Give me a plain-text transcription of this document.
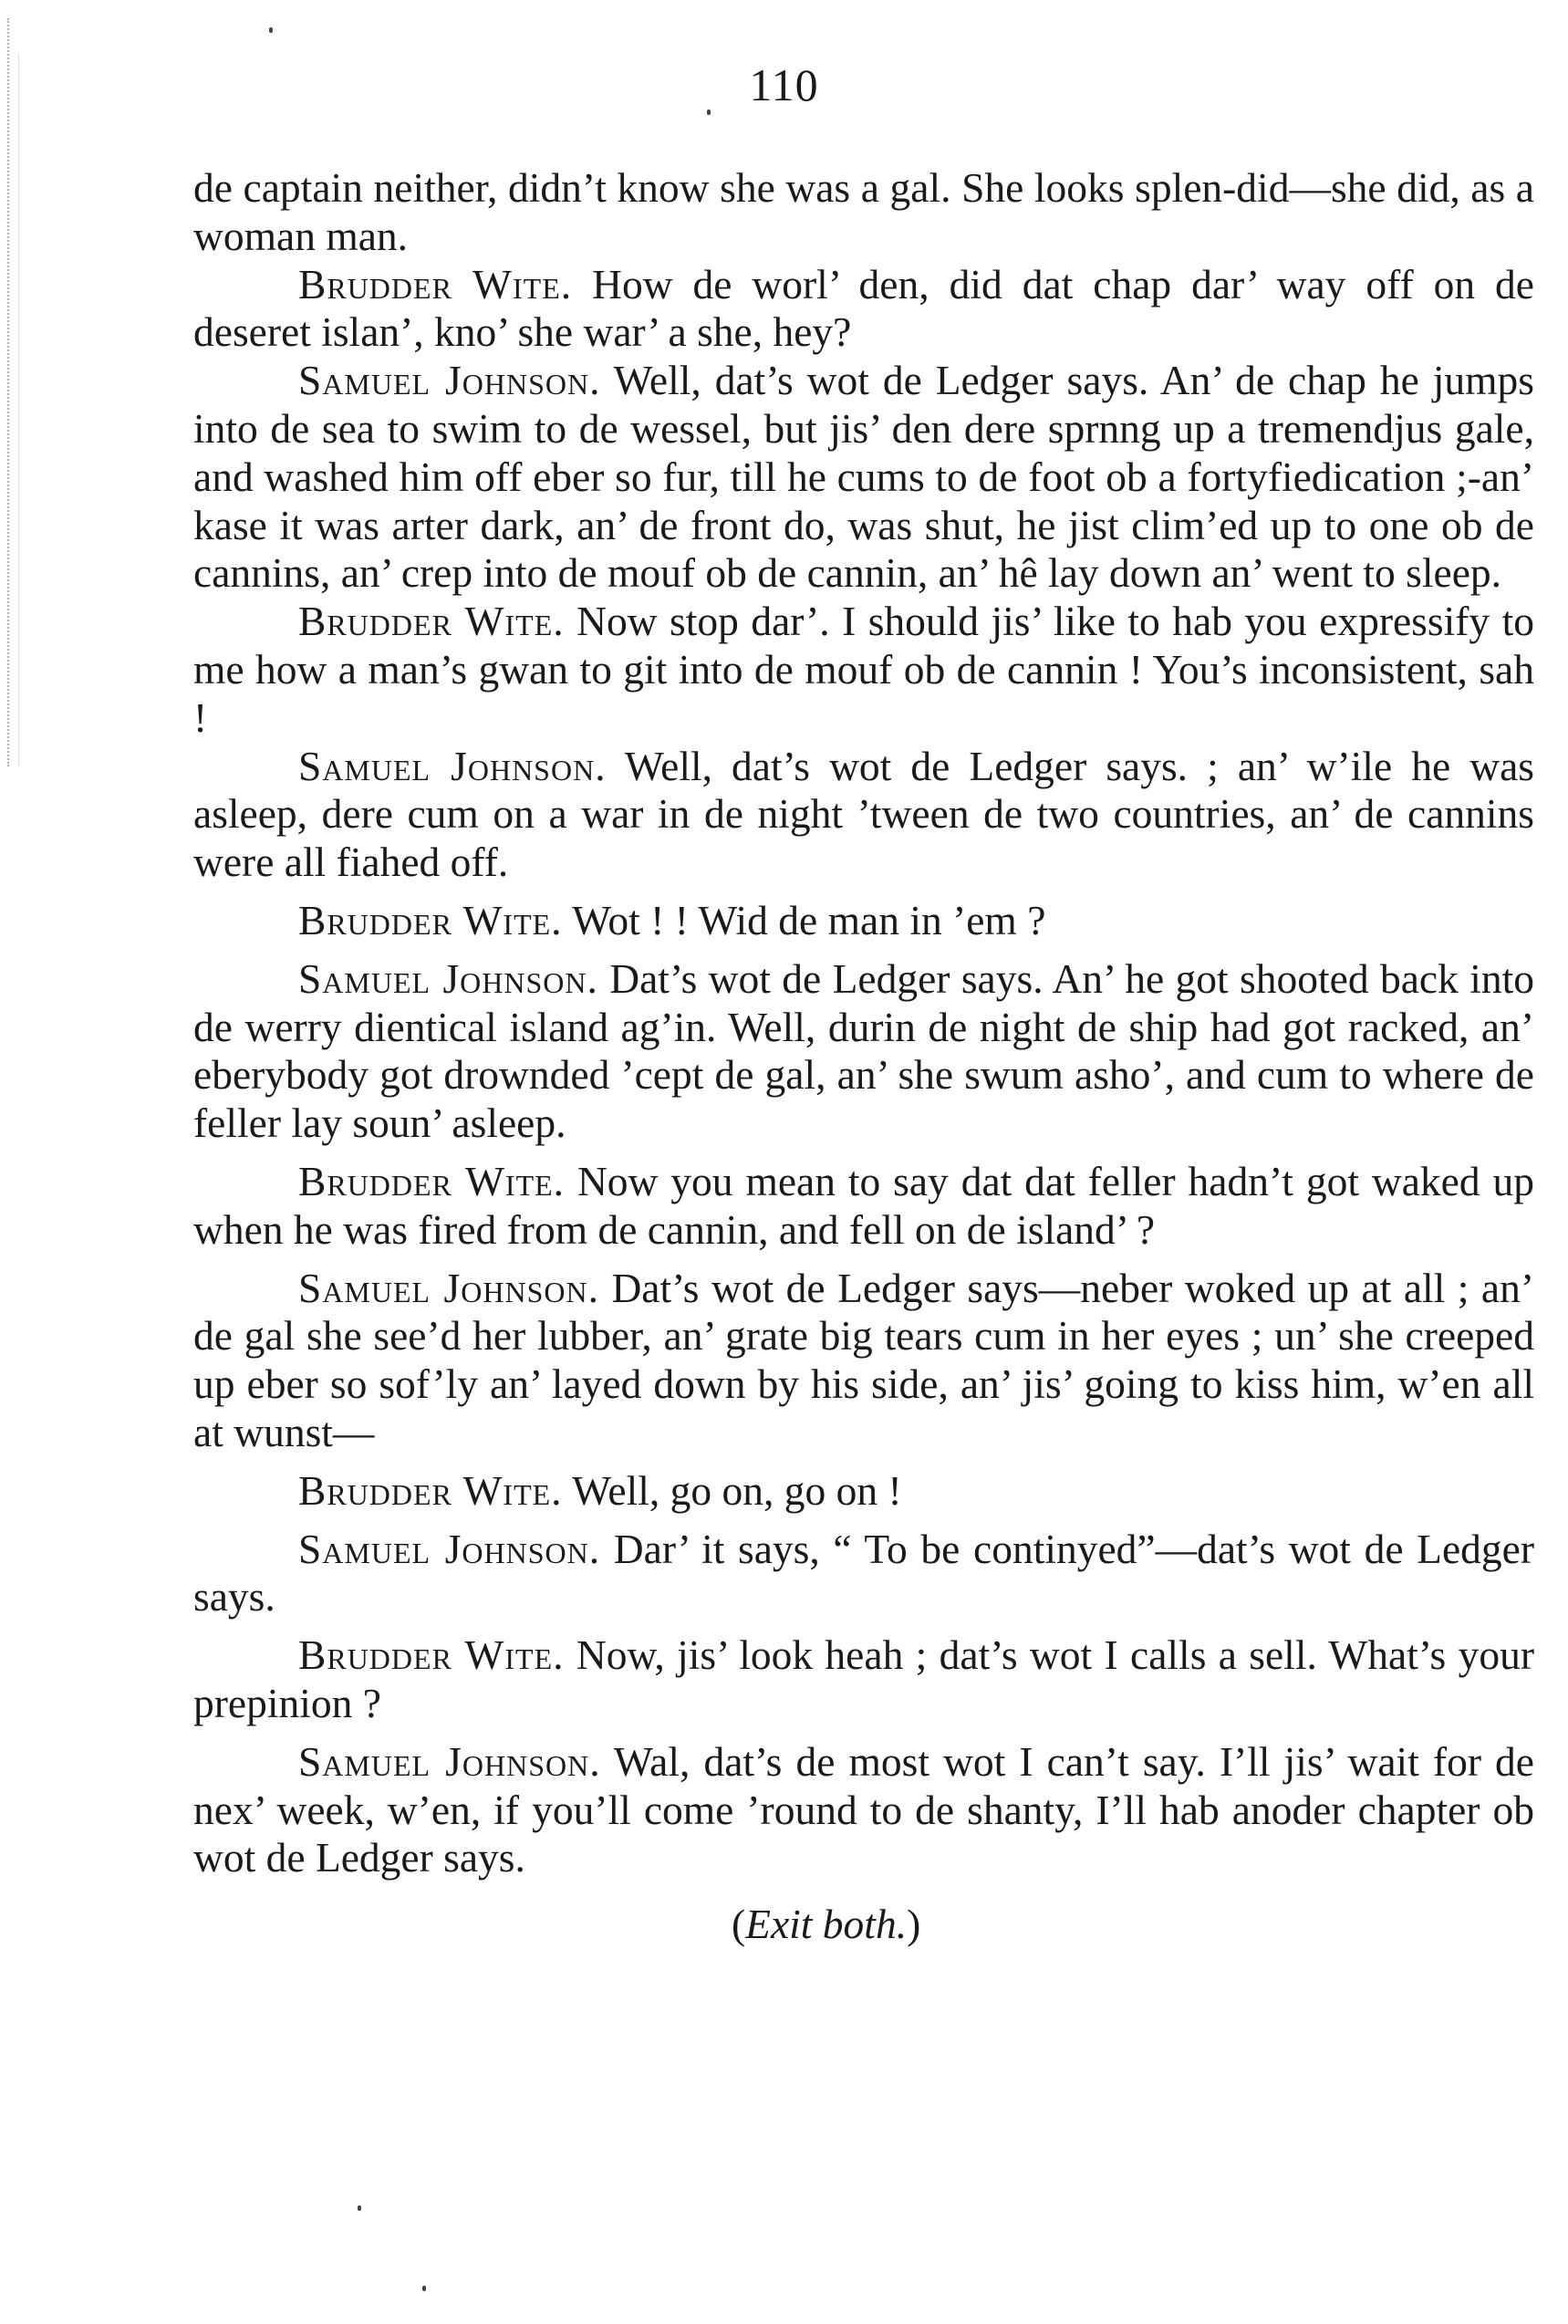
110

de captain neither, didn’t know she was a gal. She looks splen-did—she did, as a woman man.

Brudder Wite. How de worl’ den, did dat chap dar’ way off on de deseret islan’, kno’ she war’ a she, hey?

Samuel Johnson. Well, dat’s wot de Ledger says. An’ de chap he jumps into de sea to swim to de wessel, but jis’ den dere sprnng up a tremendjus gale, and washed him off eber so fur, till he cums to de foot ob a fortyfiedication ;-an’ kase it was arter dark, an’ de front do, was shut, he jist clim’ed up to one ob de cannins, an’ crep into de mouf ob de cannin, an’ hê lay down an’ went to sleep.

Brudder Wite. Now stop dar’. I should jis’ like to hab you expressify to me how a man’s gwan to git into de mouf ob de cannin ! You’s inconsistent, sah !

Samuel Johnson. Well, dat’s wot de Ledger says. ; an’ w’ile he was asleep, dere cum on a war in de night ’tween de two countries, an’ de cannins were all fiahed off.

Brudder Wite. Wot ! ! Wid de man in ’em ?

Samuel Johnson. Dat’s wot de Ledger says. An’ he got shooted back into de werry dientical island ag’in. Well, durin de night de ship had got racked, an’ eberybody got drownded ’cept de gal, an’ she swum asho’, and cum to where de feller lay soun’ asleep.

Brudder Wite. Now you mean to say dat dat feller hadn’t got waked up when he was fired from de cannin, and fell on de island’ ?

Samuel Johnson. Dat’s wot de Ledger says—neber woked up at all ; an’ de gal she see’d her lubber, an’ grate big tears cum in her eyes ; un’ she creeped up eber so sof’ly an’ layed down by his side, an’ jis’ going to kiss him, w’en all at wunst—

Brudder Wite. Well, go on, go on !

Samuel Johnson. Dar’ it says, “ To be continyed”—dat’s wot de Ledger says.

Brudder Wite. Now, jis’ look heah ; dat’s wot I calls a sell. What’s your prepinion ?

Samuel Johnson. Wal, dat’s de most wot I can’t say. I’ll jis’ wait for de nex’ week, w’en, if you’ll come ’round to de shanty, I’ll hab anoder chapter ob wot de Ledger says.

(Exit both.)
